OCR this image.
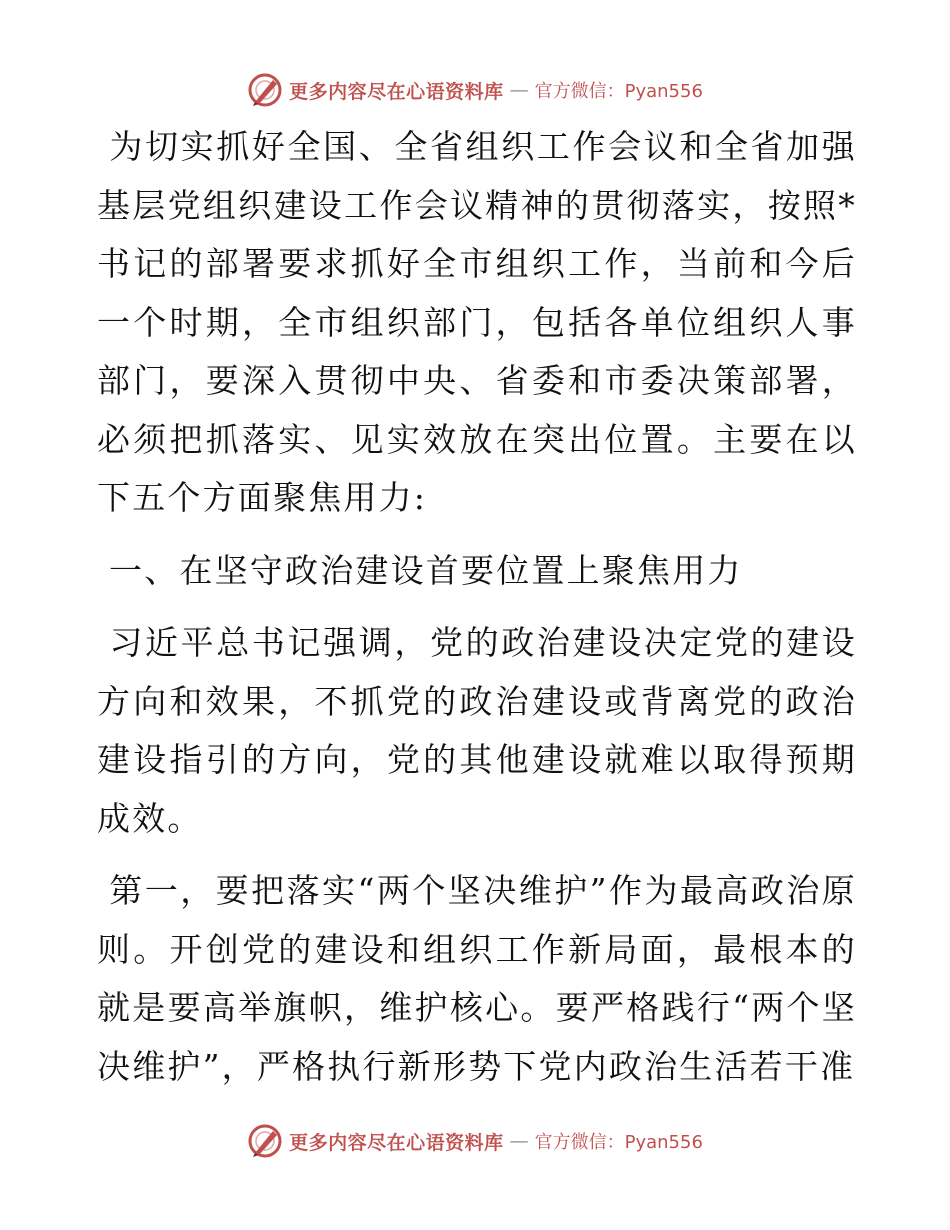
更多内容尽在心语资料库 — 官方微信：Pyan556

为切实抓好全国、全省组织工作会议和全省加强基层党组织建设工作会议精神的贯彻落实，按照*书记的部署要求抓好全市组织工作，当前和今后一个时期，全市组织部门，包括各单位组织人事部门，要深入贯彻中央、省委和市委决策部署，必须把抓落实、见实效放在突出位置。主要在以下五个方面聚焦用力:

一、在坚守政治建设首要位置上聚焦用力

习近平总书记强调，党的政治建设决定党的建设方向和效果，不抓党的政治建设或背离党的政治建设指引的方向，党的其他建设就难以取得预期成效。

第一，要把落实“两个坚决维护”作为最高政治原则。开创党的建设和组织工作新局面，最根本的就是要高举旗帜，维护核心。要严格践行“两个坚决维护”，严格执行新形势下党内政治生活若干准

更多内容尽在心语资料库 — 官方微信：Pyan556
